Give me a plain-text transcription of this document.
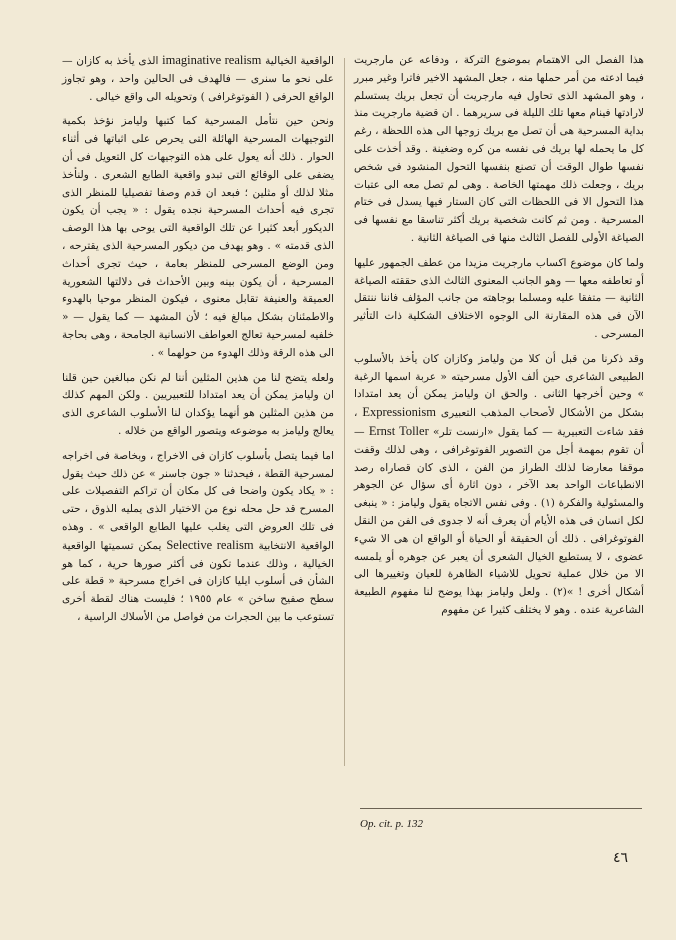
هذا الفصل الى الاهتمام بموضوع التركة ، ودفاعه عن مارجريت فيما ادعته من أمر حملها منه ، جعل المشهد الاخير فاترا وغير مبرر ، وهو المشهد الذى تحاول فيه مارجريت أن تجعل بريك يستسلم لارادتها فينام معها تلك الليلة فى سريرهما . ان قضية مارجريت منذ بداية المسرحية هى أن تصل مع بريك زوجها الى هذه اللحظة ، رغم كل ما يحمله لها بريك فى نفسه من كره وضغينة . وقد أخذت على نفسها طوال الوقت أن تصنع بنفسها التحول المنشود فى شخص بريك ، وجعلت ذلك مهمتها الخاصة . وهى لم تصل معه الى عتبات هذا التحول الا فى اللحظات التى كان الستار فيها يسدل فى ختام المسرحية . ومن ثم كانت شخصية بريك أكثر تناسقا مع نفسها فى الصياغة الأولى للفصل الثالث منها فى الصياغة الثانية .

ولما كان موضوع اكساب مارجريت مزيدا من عطف الجمهور عليها أو تعاطفه معها — وهو الجانب المعنوى الثالث الذى حققته الصياغة الثانية — متفقا عليه ومسلما بوجاهته من جانب المؤلف فاننا ننتقل الآن فى هذه المقارنة الى الوجوه الاختلاف الشكلية ذات التأثير المسرحى .

وقد ذكرنا من قبل أن كلا من وليامز وكازان كان يأخذ بالأسلوب الطبيعى الشاعرى حين ألف الأول مسرحيته « عربة اسمها الرغبة » وحين أخرجها الثانى . والحق ان وليامز يمكن أن يعد امتدادا بشكل من الأشكال لأصحاب المذهب التعبيرى Expressionism ، فقد شاءت التعبيرية — كما يقول «ارنست تلر» Ernst Toller — أن تقوم بمهمة أجل من التصوير الفوتوغرافى ، وهى لذلك وقفت موقفا معارضا لذلك الطراز من الفن ، الذى كان قصاراه رصد الانطباعات الواحد بعد الآخر ، دون اثارة أى سؤال عن الجوهر والمسئولية والفكرة (١) . وفى نفس الاتجاه يقول وليامز : « ينبغى لكل انسان فى هذه الأيام أن يعرف أنه لا جدوى فى الفن من النقل الفوتوغرافى . ذلك أن الحقيقة أو الحياة أو الواقع ان هى الا شيء عضوى ، لا يستطيع الخيال الشعرى أن يعبر عن جوهره أو يلمسه الا من خلال عملية تحويل للاشياء الظاهرة للعيان وتغييرها الى أشكال أخرى ! »(٢) . ولعل وليامز بهذا يوضح لنا مفهوم الطبيعة الشاعرية عنده . وهو لا يختلف كثيرا عن مفهوم

الواقعية الخيالية imaginative realism الذى يأخذ به كازان — على نحو ما سنرى — فالهدف فى الحالين واحد ، وهو تجاوز الواقع الحرفى ( الفوتوغرافى ) وتحويله الى واقع خيالى .

ونحن حين نتأمل المسرحية كما كتبها وليامز نؤخذ بكمية التوجيهات المسرحية الهائلة التى يحرص على اثباتها فى أثناء الحوار . ذلك أنه يعول على هذه التوجيهات كل التعويل فى أن يضفى على الوقائع التى تبدو واقعية الطابع الشعرى . ولنأخذ مثلا لذلك أو مثلين ؛ فبعد ان قدم وصفا تفصيليا للمنظر الذى تجرى فيه أحداث المسرحية نجده يقول : « يجب أن يكون الديكور أبعد كثيرا عن تلك الواقعية التى يوحى بها هذا الوصف الذى قدمته » . وهو يهدف من ديكور المسرحية الذى يقترحه ، ومن الوضع المسرحى للمنظر بعامة ، حيث تجرى أحداث المسرحية ، أن يكون بينه وبين الأحداث فى دلالتها الشعورية العميقة والعنيفة تقابل معنوى ، فيكون المنظر موحيا بالهدوء والاطمئنان بشكل مبالغ فيه ؛ لأن المشهد — كما يقول — « خلفيه لمسرحية تعالج العواطف الانسانية الجامحة ، وهى بحاجة الى هذه الرقة وذلك الهدوء من حولهما » .

ولعله يتضح لنا من هذين المثلين أننا لم نكن مبالغين حين قلنا ان وليامز يمكن أن يعد امتدادا للتعبيريين . ولكن المهم كذلك من هذين المثلين هو أنهما يؤكدان لنا الأسلوب الشاعرى الذى يعالج وليامز به موضوعه ويتصور الواقع من خلاله .

اما فيما يتصل بأسلوب كازان فى الاخراج ، وبخاصة فى اخراجه لمسرحية القطة ، فيحدثنا « جون جاسنر » عن ذلك حيث يقول : « يكاد يكون واضحا فى كل مكان أن تراكم التفصيلات على المسرح قد حل محله نوع من الاختيار الذى يمليه الذوق ، حتى فى تلك العروض التى يغلب عليها الطابع الواقعى » . وهذه الواقعية الانتخابية Selective realism يمكن تسميتها الواقعية الخيالية ، وذلك عندما تكون فى أكثر صورها حرية ، كما هو الشأن فى أسلوب ايليا كازان فى اخراج مسرحية « قطة على سطح صفيح ساخن » عام ١٩٥٥ ؛ فليست هناك لقطة أخرى تستوعب ما بين الحجرات من فواصل من الأسلاك الراسية ،

Op. cit. p. 132
٤٦
